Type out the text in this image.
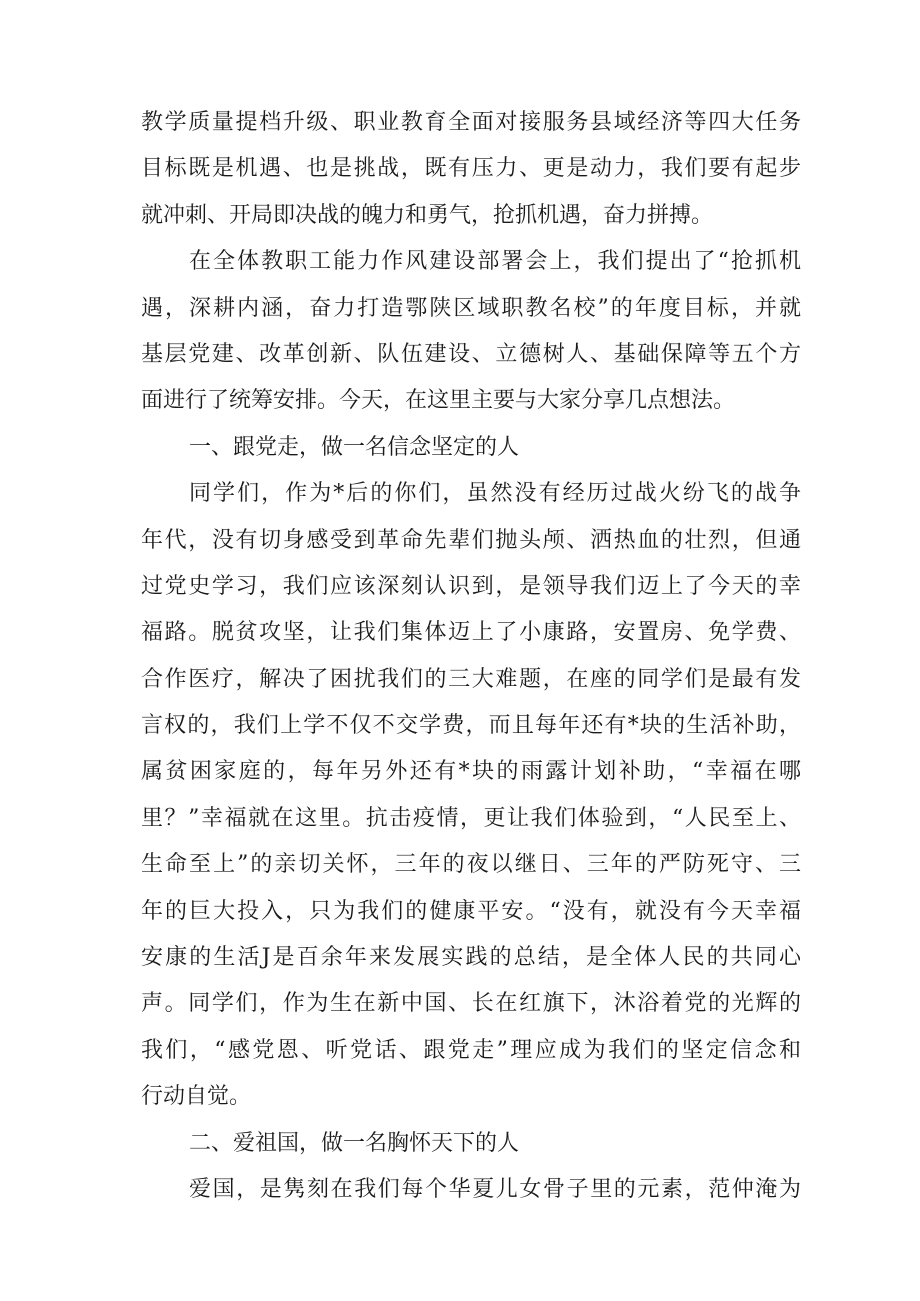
教学质量提档升级、职业教育全面对接服务县域经济等四大任务
目标既是机遇、也是挑战，既有压力、更是动力，我们要有起步
就冲刺、开局即决战的魄力和勇气，抢抓机遇，奋力拼搏。
在全体教职工能力作风建设部署会上，我们提出了“抢抓机
遇，深耕内涵，奋力打造鄂陕区域职教名校”的年度目标，并就
基层党建、改革创新、队伍建设、立德树人、基础保障等五个方
面进行了统筹安排。今天，在这里主要与大家分享几点想法。
一、跟党走，做一名信念坚定的人
同学们，作为*后的你们，虽然没有经历过战火纷飞的战争
年代，没有切身感受到革命先辈们抛头颅、洒热血的壮烈，但通
过党史学习，我们应该深刻认识到，是领导我们迈上了今天的幸
福路。脱贫攻坚，让我们集体迈上了小康路，安置房、免学费、
合作医疗，解决了困扰我们的三大难题，在座的同学们是最有发
言权的，我们上学不仅不交学费，而且每年还有*块的生活补助，
属贫困家庭的，每年另外还有*块的雨露计划补助，“幸福在哪
里？”幸福就在这里。抗击疫情，更让我们体验到，“人民至上、
生命至上”的亲切关怀，三年的夜以继日、三年的严防死守、三
年的巨大投入，只为我们的健康平安。“没有，就没有今天幸福
安康的生活J是百余年来发展实践的总结，是全体人民的共同心
声。同学们，作为生在新中国、长在红旗下，沐浴着党的光辉的
我们，“感党恩、听党话、跟党走”理应成为我们的坚定信念和
行动自觉。
二、爱祖国，做一名胸怀天下的人
爱国，是隽刻在我们每个华夏儿女骨子里的元素，范仲淹为
